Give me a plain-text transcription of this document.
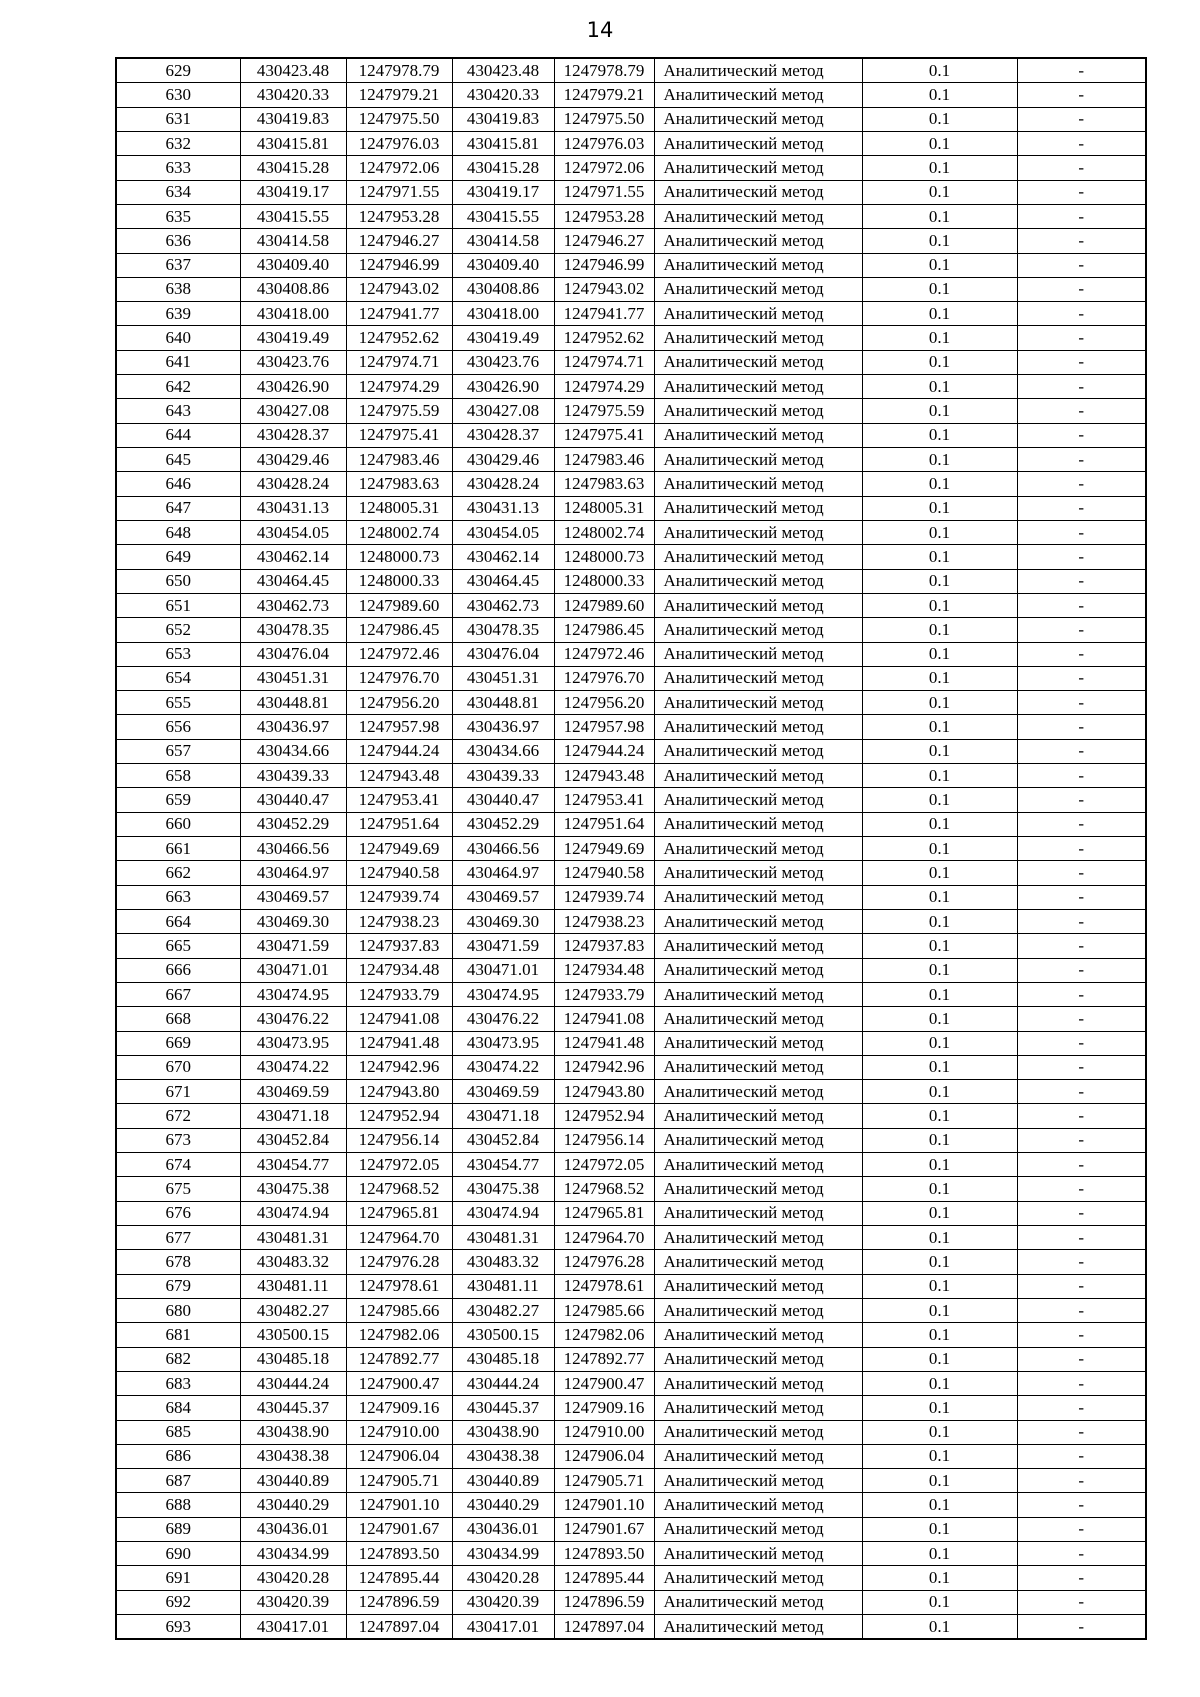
14
629	430423.48	1247978.79	430423.48	1247978.79	Аналитический метод	0.1	-
630	430420.33	1247979.21	430420.33	1247979.21	Аналитический метод	0.1	-
631	430419.83	1247975.50	430419.83	1247975.50	Аналитический метод	0.1	-
632	430415.81	1247976.03	430415.81	1247976.03	Аналитический метод	0.1	-
633	430415.28	1247972.06	430415.28	1247972.06	Аналитический метод	0.1	-
634	430419.17	1247971.55	430419.17	1247971.55	Аналитический метод	0.1	-
635	430415.55	1247953.28	430415.55	1247953.28	Аналитический метод	0.1	-
636	430414.58	1247946.27	430414.58	1247946.27	Аналитический метод	0.1	-
637	430409.40	1247946.99	430409.40	1247946.99	Аналитический метод	0.1	-
638	430408.86	1247943.02	430408.86	1247943.02	Аналитический метод	0.1	-
639	430418.00	1247941.77	430418.00	1247941.77	Аналитический метод	0.1	-
640	430419.49	1247952.62	430419.49	1247952.62	Аналитический метод	0.1	-
641	430423.76	1247974.71	430423.76	1247974.71	Аналитический метод	0.1	-
642	430426.90	1247974.29	430426.90	1247974.29	Аналитический метод	0.1	-
643	430427.08	1247975.59	430427.08	1247975.59	Аналитический метод	0.1	-
644	430428.37	1247975.41	430428.37	1247975.41	Аналитический метод	0.1	-
645	430429.46	1247983.46	430429.46	1247983.46	Аналитический метод	0.1	-
646	430428.24	1247983.63	430428.24	1247983.63	Аналитический метод	0.1	-
647	430431.13	1248005.31	430431.13	1248005.31	Аналитический метод	0.1	-
648	430454.05	1248002.74	430454.05	1248002.74	Аналитический метод	0.1	-
649	430462.14	1248000.73	430462.14	1248000.73	Аналитический метод	0.1	-
650	430464.45	1248000.33	430464.45	1248000.33	Аналитический метод	0.1	-
651	430462.73	1247989.60	430462.73	1247989.60	Аналитический метод	0.1	-
652	430478.35	1247986.45	430478.35	1247986.45	Аналитический метод	0.1	-
653	430476.04	1247972.46	430476.04	1247972.46	Аналитический метод	0.1	-
654	430451.31	1247976.70	430451.31	1247976.70	Аналитический метод	0.1	-
655	430448.81	1247956.20	430448.81	1247956.20	Аналитический метод	0.1	-
656	430436.97	1247957.98	430436.97	1247957.98	Аналитический метод	0.1	-
657	430434.66	1247944.24	430434.66	1247944.24	Аналитический метод	0.1	-
658	430439.33	1247943.48	430439.33	1247943.48	Аналитический метод	0.1	-
659	430440.47	1247953.41	430440.47	1247953.41	Аналитический метод	0.1	-
660	430452.29	1247951.64	430452.29	1247951.64	Аналитический метод	0.1	-
661	430466.56	1247949.69	430466.56	1247949.69	Аналитический метод	0.1	-
662	430464.97	1247940.58	430464.97	1247940.58	Аналитический метод	0.1	-
663	430469.57	1247939.74	430469.57	1247939.74	Аналитический метод	0.1	-
664	430469.30	1247938.23	430469.30	1247938.23	Аналитический метод	0.1	-
665	430471.59	1247937.83	430471.59	1247937.83	Аналитический метод	0.1	-
666	430471.01	1247934.48	430471.01	1247934.48	Аналитический метод	0.1	-
667	430474.95	1247933.79	430474.95	1247933.79	Аналитический метод	0.1	-
668	430476.22	1247941.08	430476.22	1247941.08	Аналитический метод	0.1	-
669	430473.95	1247941.48	430473.95	1247941.48	Аналитический метод	0.1	-
670	430474.22	1247942.96	430474.22	1247942.96	Аналитический метод	0.1	-
671	430469.59	1247943.80	430469.59	1247943.80	Аналитический метод	0.1	-
672	430471.18	1247952.94	430471.18	1247952.94	Аналитический метод	0.1	-
673	430452.84	1247956.14	430452.84	1247956.14	Аналитический метод	0.1	-
674	430454.77	1247972.05	430454.77	1247972.05	Аналитический метод	0.1	-
675	430475.38	1247968.52	430475.38	1247968.52	Аналитический метод	0.1	-
676	430474.94	1247965.81	430474.94	1247965.81	Аналитический метод	0.1	-
677	430481.31	1247964.70	430481.31	1247964.70	Аналитический метод	0.1	-
678	430483.32	1247976.28	430483.32	1247976.28	Аналитический метод	0.1	-
679	430481.11	1247978.61	430481.11	1247978.61	Аналитический метод	0.1	-
680	430482.27	1247985.66	430482.27	1247985.66	Аналитический метод	0.1	-
681	430500.15	1247982.06	430500.15	1247982.06	Аналитический метод	0.1	-
682	430485.18	1247892.77	430485.18	1247892.77	Аналитический метод	0.1	-
683	430444.24	1247900.47	430444.24	1247900.47	Аналитический метод	0.1	-
684	430445.37	1247909.16	430445.37	1247909.16	Аналитический метод	0.1	-
685	430438.90	1247910.00	430438.90	1247910.00	Аналитический метод	0.1	-
686	430438.38	1247906.04	430438.38	1247906.04	Аналитический метод	0.1	-
687	430440.89	1247905.71	430440.89	1247905.71	Аналитический метод	0.1	-
688	430440.29	1247901.10	430440.29	1247901.10	Аналитический метод	0.1	-
689	430436.01	1247901.67	430436.01	1247901.67	Аналитический метод	0.1	-
690	430434.99	1247893.50	430434.99	1247893.50	Аналитический метод	0.1	-
691	430420.28	1247895.44	430420.28	1247895.44	Аналитический метод	0.1	-
692	430420.39	1247896.59	430420.39	1247896.59	Аналитический метод	0.1	-
693	430417.01	1247897.04	430417.01	1247897.04	Аналитический метод	0.1	-
